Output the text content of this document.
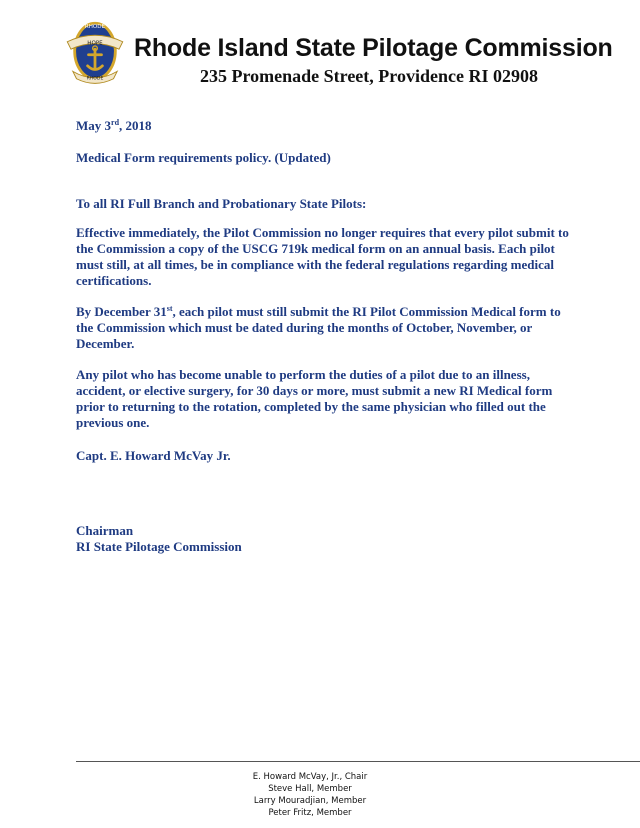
HOPE
RHODE
RHODE
Rhode Island State Pilotage Commission
235 Promenade Street, Providence RI 02908

May 3rd, 2018

Medical Form requirements policy. (Updated)

To all RI Full Branch and Probationary State Pilots:

Effective immediately, the Pilot Commission no longer requires that every pilot submit to the Commission a copy of the USCG 719k medical form on an annual basis. Each pilot must still, at all times, be in compliance with the federal regulations regarding medical certifications.

By December 31st, each pilot must still submit the RI Pilot Commission Medical form to the Commission which must be dated during the months of October, November, or December.

Any pilot who has become unable to perform the duties of a pilot due to an illness, accident, or elective surgery, for 30 days or more, must submit a new RI Medical form prior to returning to the rotation, completed by the same physician who filled out the previous one.

Capt. E. Howard McVay Jr.

Chairman

RI State Pilotage Commission

E. Howard McVay, Jr., Chair
Steve Hall, Member
Larry Mouradjian, Member
Peter Fritz, Member
